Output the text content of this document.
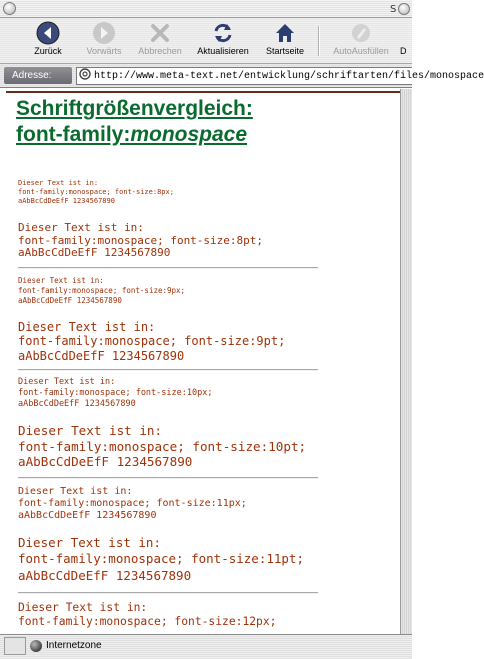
S
Zurück	Vorwärts Abbrechen Aktualisieren Startseite	AutoAusfüllen D
Adresse:	http://www.meta-text.net/entwicklung/schriftarten/files/monospace
Schriftgrößenvergleich:
font-family:monospace
Dieser Text ist in:
font-family:monospace; font-size:8px;
aAbBcCdDeEfF 1234567890
Dieser Text ist in:
font-family:monospace; font-size:8pt;
aAbBcCdDeEfF 1234567890
Dieser Text ist in:
font-family:monospace; font-size:9px;
aAbBcCdDeEfF 1234567890
Dieser Text ist in:
font-family:monospace; font-size:9pt;
aAbBcCdDeEfF 1234567890
Dieser Text ist in:
font-family:monospace; font-size:10px;
aAbBcCdDeEfF 1234567890
Dieser Text ist in:
font-family:monospace; font-size:10pt;
aAbBcCdDeEfF 1234567890
Dieser Text ist in:
font-family:monospace; font-size:11px;
aAbBcCdDeEfF 1234567890
Dieser Text ist in:
font-family:monospace; font-size:11pt;
aAbBcCdDeEfF 1234567890
Dieser Text ist in:
font-family:monospace; font-size:12px;
Internetzone
